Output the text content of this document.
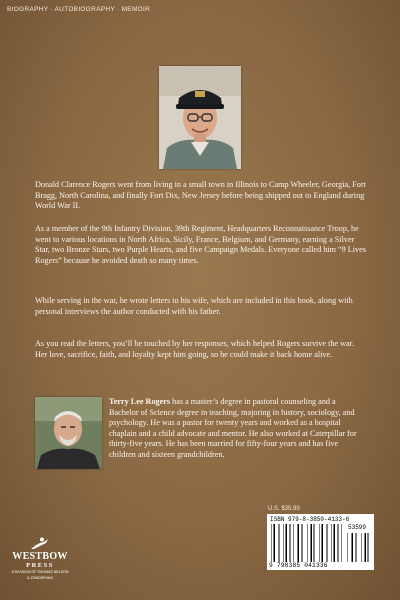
BIOGRAPHY · AUTOBIOGRAPHY · MEMOIR

Donald Clarence Rogers went from living in a small town in Illinois to Camp Wheeler, Georgia, Fort Bragg, North Carolina, and finally Fort Dix, New Jersey before being shipped out to England during World War II.

As a member of the 9th Infantry Division, 39th Regiment, Headquarters Reconnaissance Troop, he went to various locations in North Africa, Sicily, France, Belgium, and Germany, earning a Silver Star, two Bronze Stars, two Purple Hearts, and five Campaign Medals. Everyone called him “9 Lives Rogers” because he avoided death so many times.

While serving in the war, he wrote letters to his wife, which are included in this book, along with personal interviews the author conducted with his father.

As you read the letters, you’ll be touched by her responses, which helped Rogers survive the war. Her love, sacrifice, faith, and loyalty kept him going, so he could make it back home alive.

Terry Lee Rogers has a master’s degree in pastoral counseling and a Bachelor of Science degree in teaching, majoring in history, sociology, and psychology. He was a pastor for twenty years and worked as a hospital chaplain and a child advocate and mentor. He also worked at Caterpillar for thirty-five years. He has been married for fifty-four years and has five children and sixteen grandchildren.

U.S. $35.99
ISBN 979-8-3850-4133-6
53599
9 798385 041336
WESTBOW
PRESS
A DIVISION OF THOMAS NELSON
& ZONDERVAN
